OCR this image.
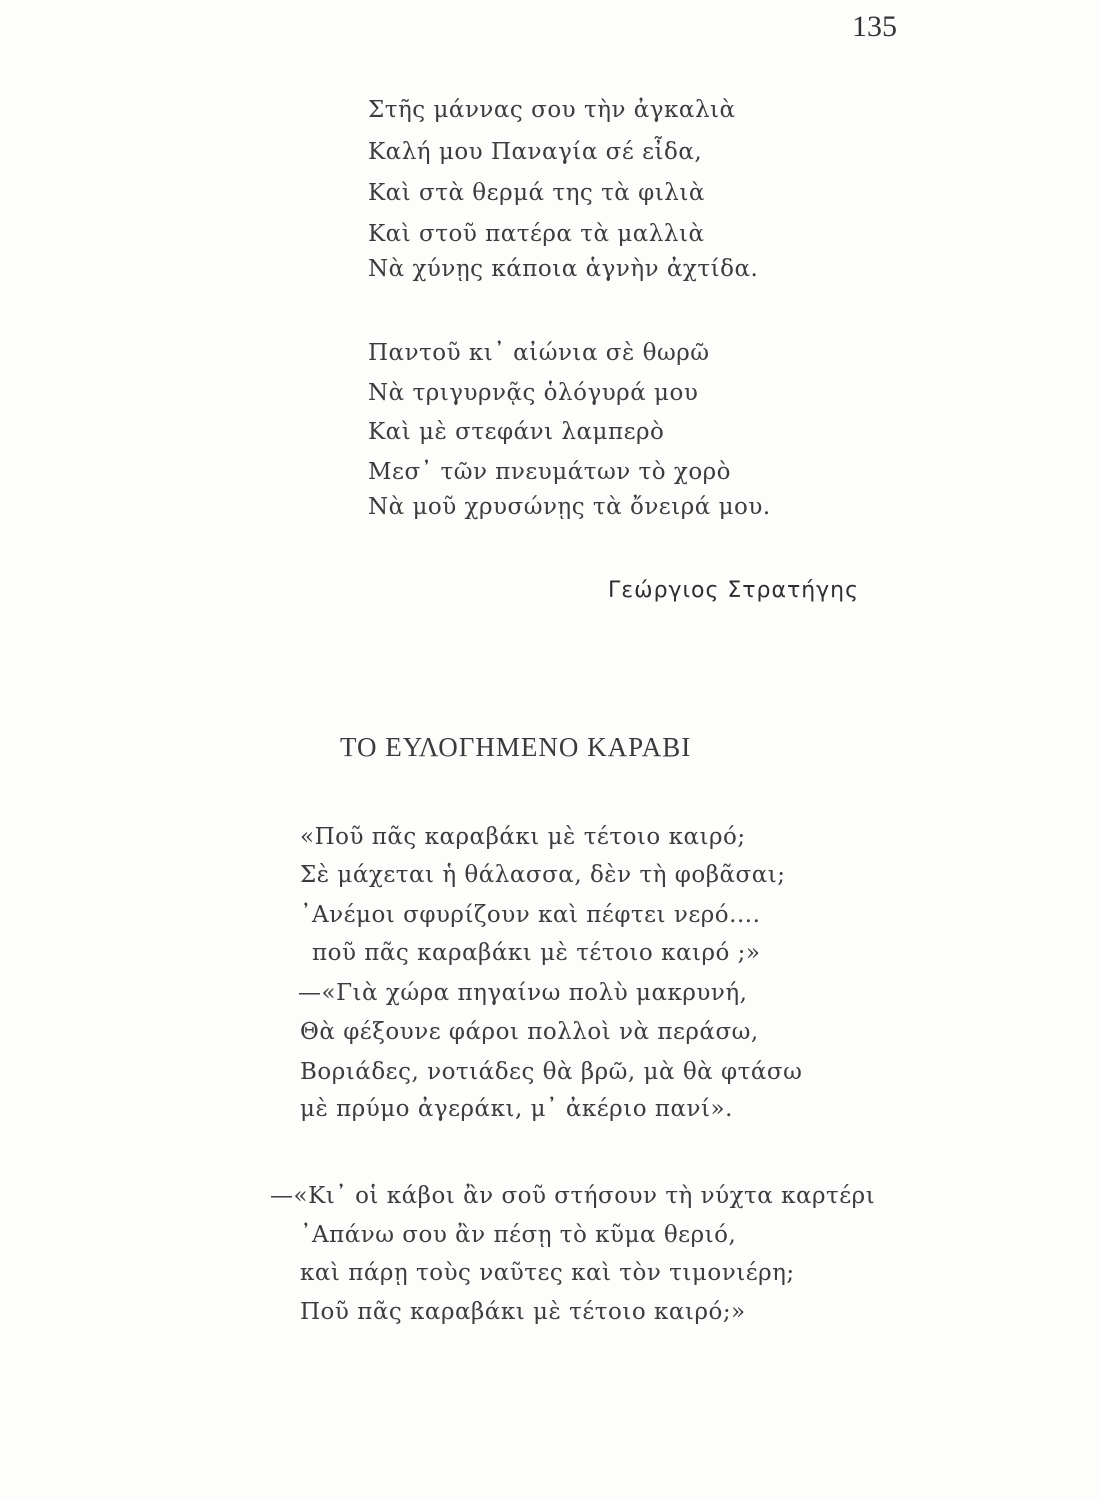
135
Στῆς μάννας σου τὴν ἀγκαλιὰ
Καλή μου Παναγία σέ εἶδα,
Καὶ στὰ θερμά της τὰ φιλιὰ
Καὶ στοῦ πατέρα τὰ μαλλιὰ
Νὰ χύνῃς κάποια ἁγνὴν ἀχτίδα.
Παντοῦ κι᾿ αἰώνια σὲ θωρῶ
Νὰ τριγυρνᾷς ὁλόγυρά μου
Καὶ μὲ στεφάνι λαμπερὸ
Μεσ᾿ τῶν πνευμάτων τὸ χορὸ
Νὰ μοῦ χρυσώνῃς τὰ ὄνειρά μου.
Γεώργιος Στρατήγης
ΤΟ ΕΥΛΟΓΗΜΕΝΟ ΚΑΡΑΒΙ
«Ποῦ πᾶς καραβάκι μὲ τέτοιο καιρό;
Σὲ μάχεται ἡ θάλασσα, δὲν τὴ φοβᾶσαι;
᾿Ανέμοι σφυρίζουν καὶ πέφτει νερό....
ποῦ πᾶς καραβάκι μὲ τέτοιο καιρό ;»
—«Γιὰ χώρα πηγαίνω πολὺ μακρυνή,
Θὰ φέξουνε φάροι πολλοὶ νὰ περάσω,
Βοριάδες, νοτιάδες θὰ βρῶ, μὰ θὰ φτάσω
μὲ πρύμο ἀγεράκι, μ᾿ ἀκέριο πανί».
—«Κι᾿ οἱ κάβοι ἂν σοῦ στήσουν τὴ νύχτα καρτέρι
᾿Απάνω σου ἂν πέσῃ τὸ κῦμα θεριό,
καὶ πάρῃ τοὺς ναῦτες καὶ τὸν τιμονιέρη;
Ποῦ πᾶς καραβάκι μὲ τέτοιο καιρό;»
